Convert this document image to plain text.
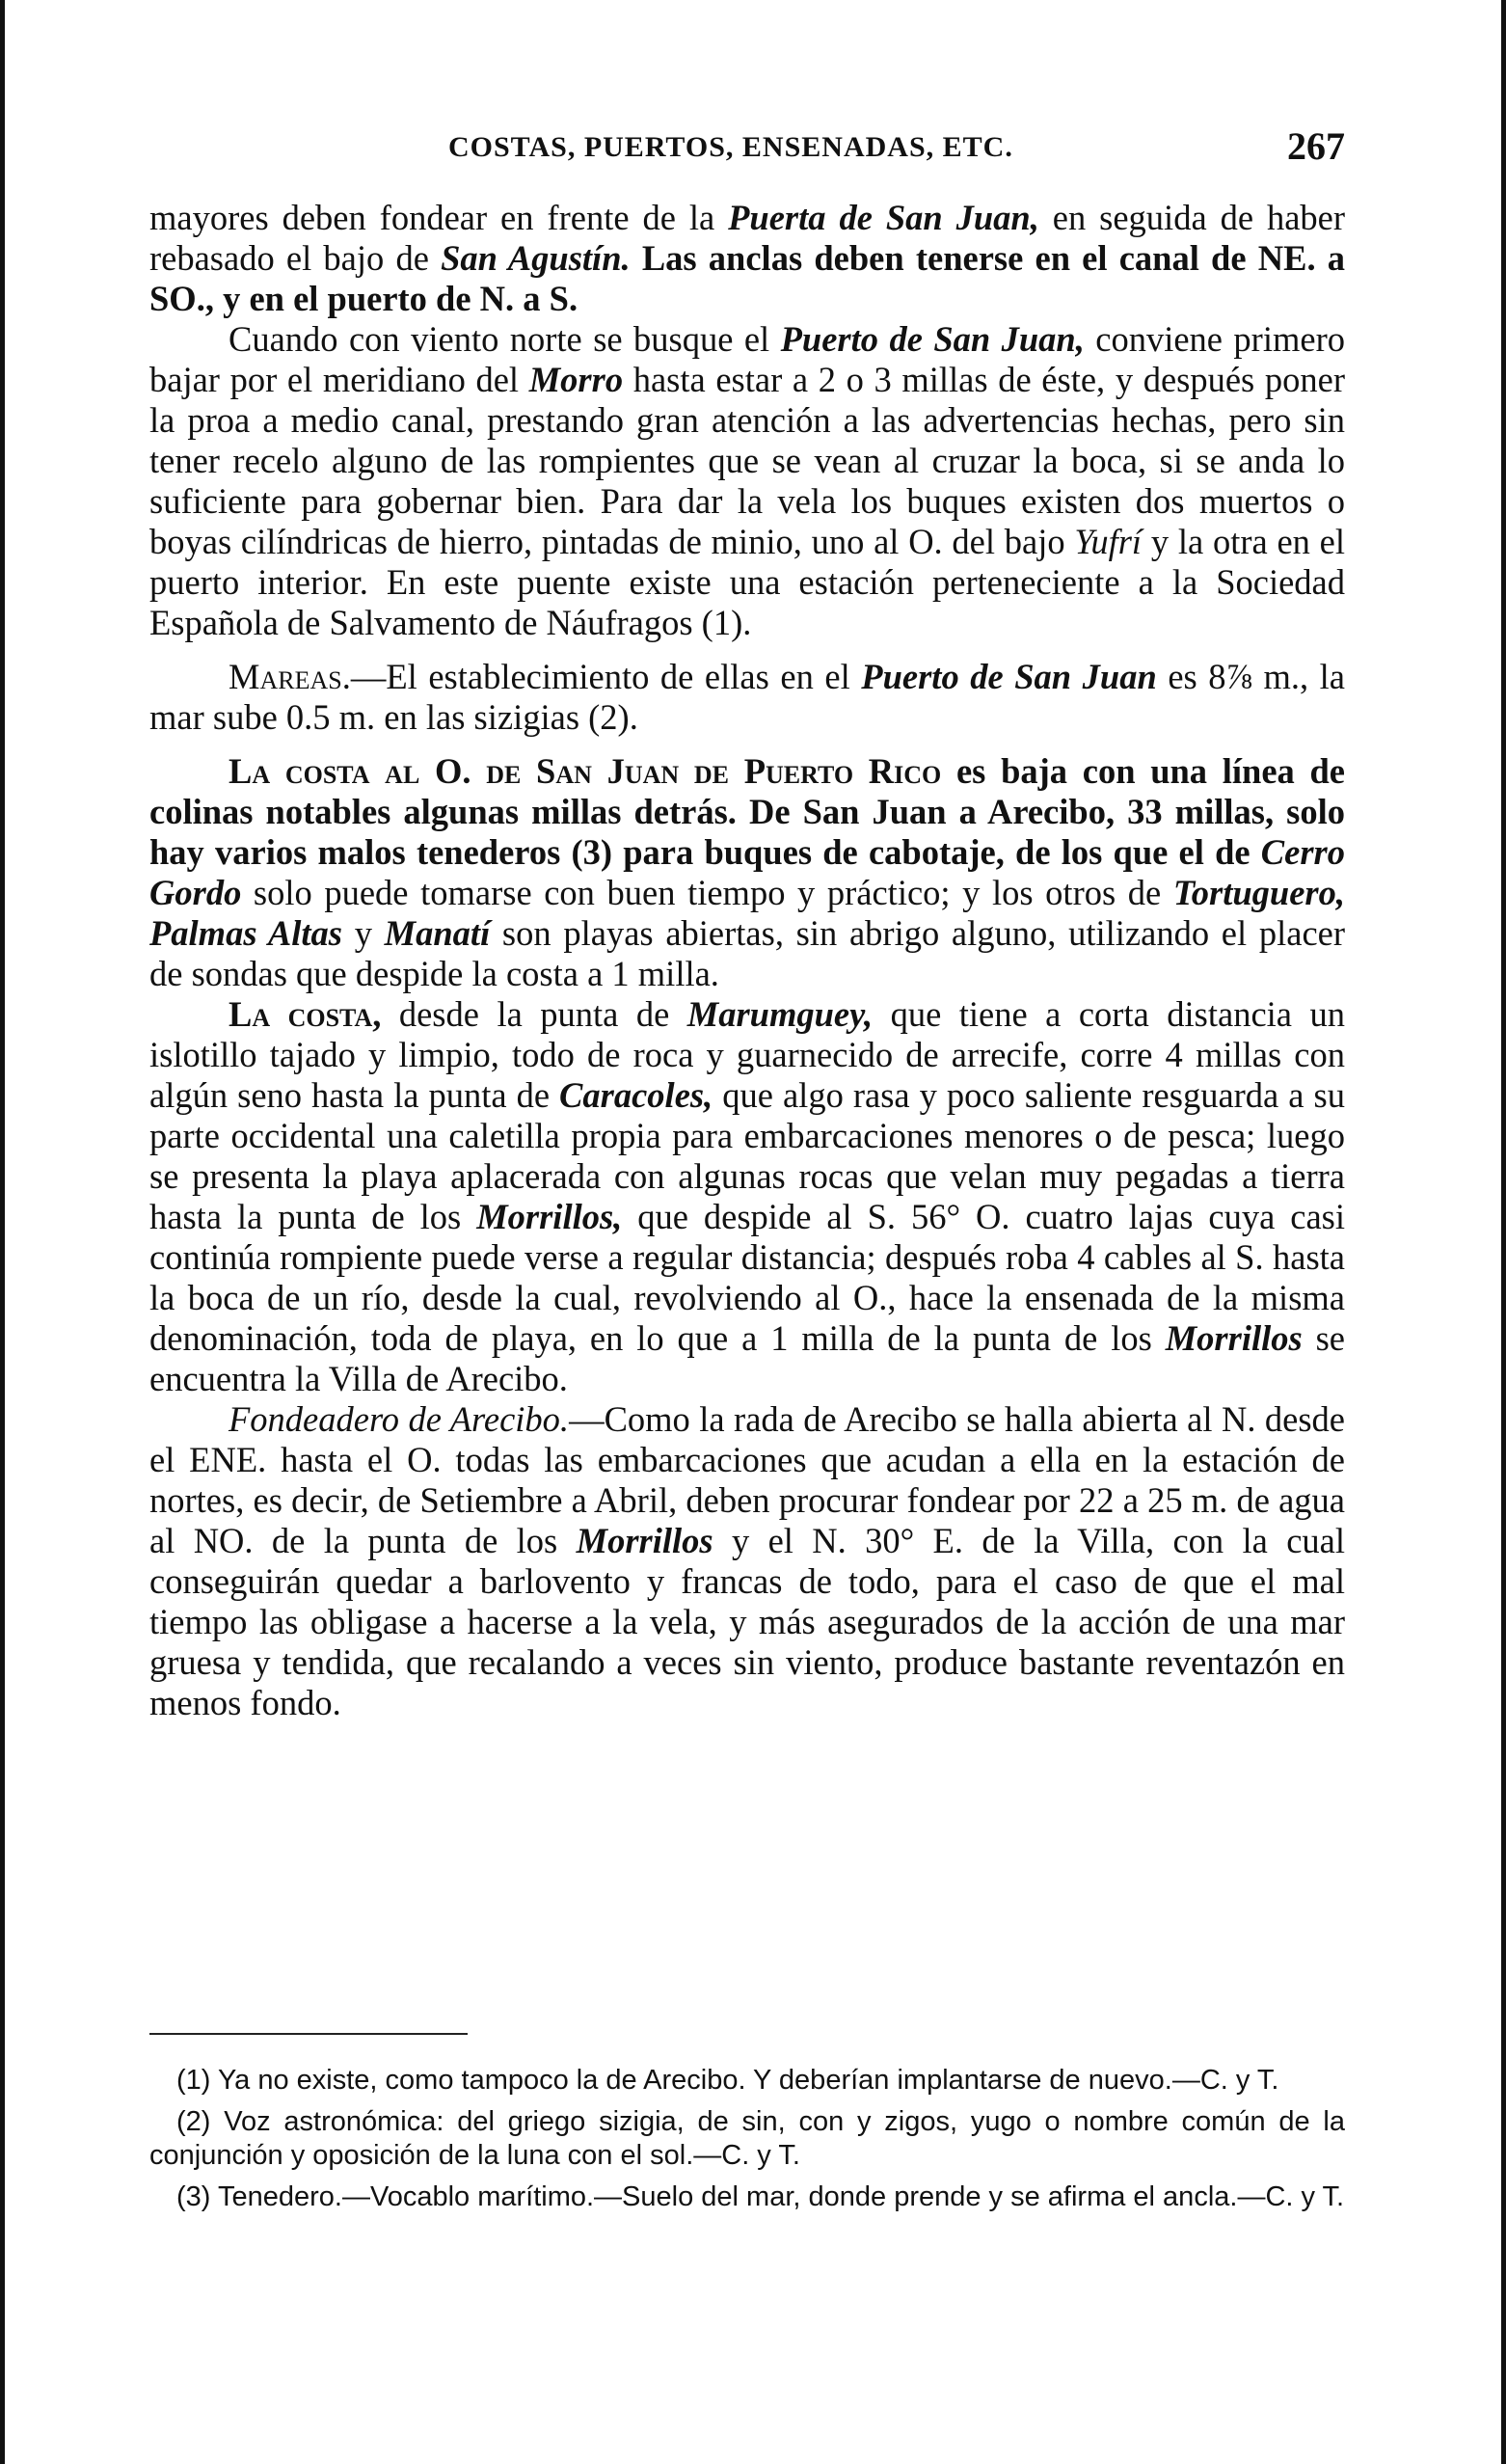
COSTAS, PUERTOS, ENSENADAS, ETC.	267

mayores deben fondear en frente de la Puerta de San Juan, en seguida de haber rebasado el bajo de San Agustín. Las anclas deben tenerse en el canal de NE. a SO., y en el puerto de N. a S.

Cuando con viento norte se busque el Puerto de San Juan, conviene primero bajar por el meridiano del Morro hasta estar a 2 o 3 millas de éste, y después poner la proa a medio canal, prestando gran atención a las advertencias hechas, pero sin tener recelo alguno de las rompientes que se vean al cruzar la boca, si se anda lo suficiente para gobernar bien. Para dar la vela los buques existen dos muertos o boyas cilíndricas de hierro, pintadas de minio, uno al O. del bajo Yufrí y la otra en el puerto interior. En este puente existe una estación perteneciente a la Sociedad Española de Salvamento de Náufragos (1).

Mareas.—El establecimiento de ellas en el Puerto de San Juan es 8⅞ m., la mar sube 0.5 m. en las sizigias (2).

La costa al O. de San Juan de Puerto Rico es baja con una línea de colinas notables algunas millas detrás. De San Juan a Arecibo, 33 millas, solo hay varios malos tenederos (3) para buques de cabotaje, de los que el de Cerro Gordo solo puede tomarse con buen tiempo y práctico; y los otros de Tortuguero, Palmas Altas y Manatí son playas abiertas, sin abrigo alguno, utilizando el placer de sondas que despide la costa a 1 milla.

La costa, desde la punta de Marumguey, que tiene a corta distancia un islotillo tajado y limpio, todo de roca y guarnecido de arrecife, corre 4 millas con algún seno hasta la punta de Caracoles, que algo rasa y poco saliente resguarda a su parte occidental una caletilla propia para embarcaciones menores o de pesca; luego se presenta la playa aplacerada con algunas rocas que velan muy pegadas a tierra hasta la punta de los Morrillos, que despide al S. 56° O. cuatro lajas cuya casi continúa rompiente puede verse a regular distancia; después roba 4 cables al S. hasta la boca de un río, desde la cual, revolviendo al O., hace la ensenada de la misma denominación, toda de playa, en lo que a 1 milla de la punta de los Morrillos se encuentra la Villa de Arecibo.

Fondeadero de Arecibo.—Como la rada de Arecibo se halla abierta al N. desde el ENE. hasta el O. todas las embarcaciones que acudan a ella en la estación de nortes, es decir, de Setiembre a Abril, deben procurar fondear por 22 a 25 m. de agua al NO. de la punta de los Morrillos y el N. 30° E. de la Villa, con la cual conseguirán quedar a barlovento y francas de todo, para el caso de que el mal tiempo las obligase a hacerse a la vela, y más asegurados de la acción de una mar gruesa y tendida, que recalando a veces sin viento, produce bastante reventazón en menos fondo.

(1) Ya no existe, como tampoco la de Arecibo. Y deberían implantarse de nuevo.—C. y T.

(2) Voz astronómica: del griego sizigia, de sin, con y zigos, yugo o nombre común de la conjunción y oposición de la luna con el sol.—C. y T.

(3) Tenedero.—Vocablo marítimo.—Suelo del mar, donde prende y se afirma el ancla.—C. y T.
